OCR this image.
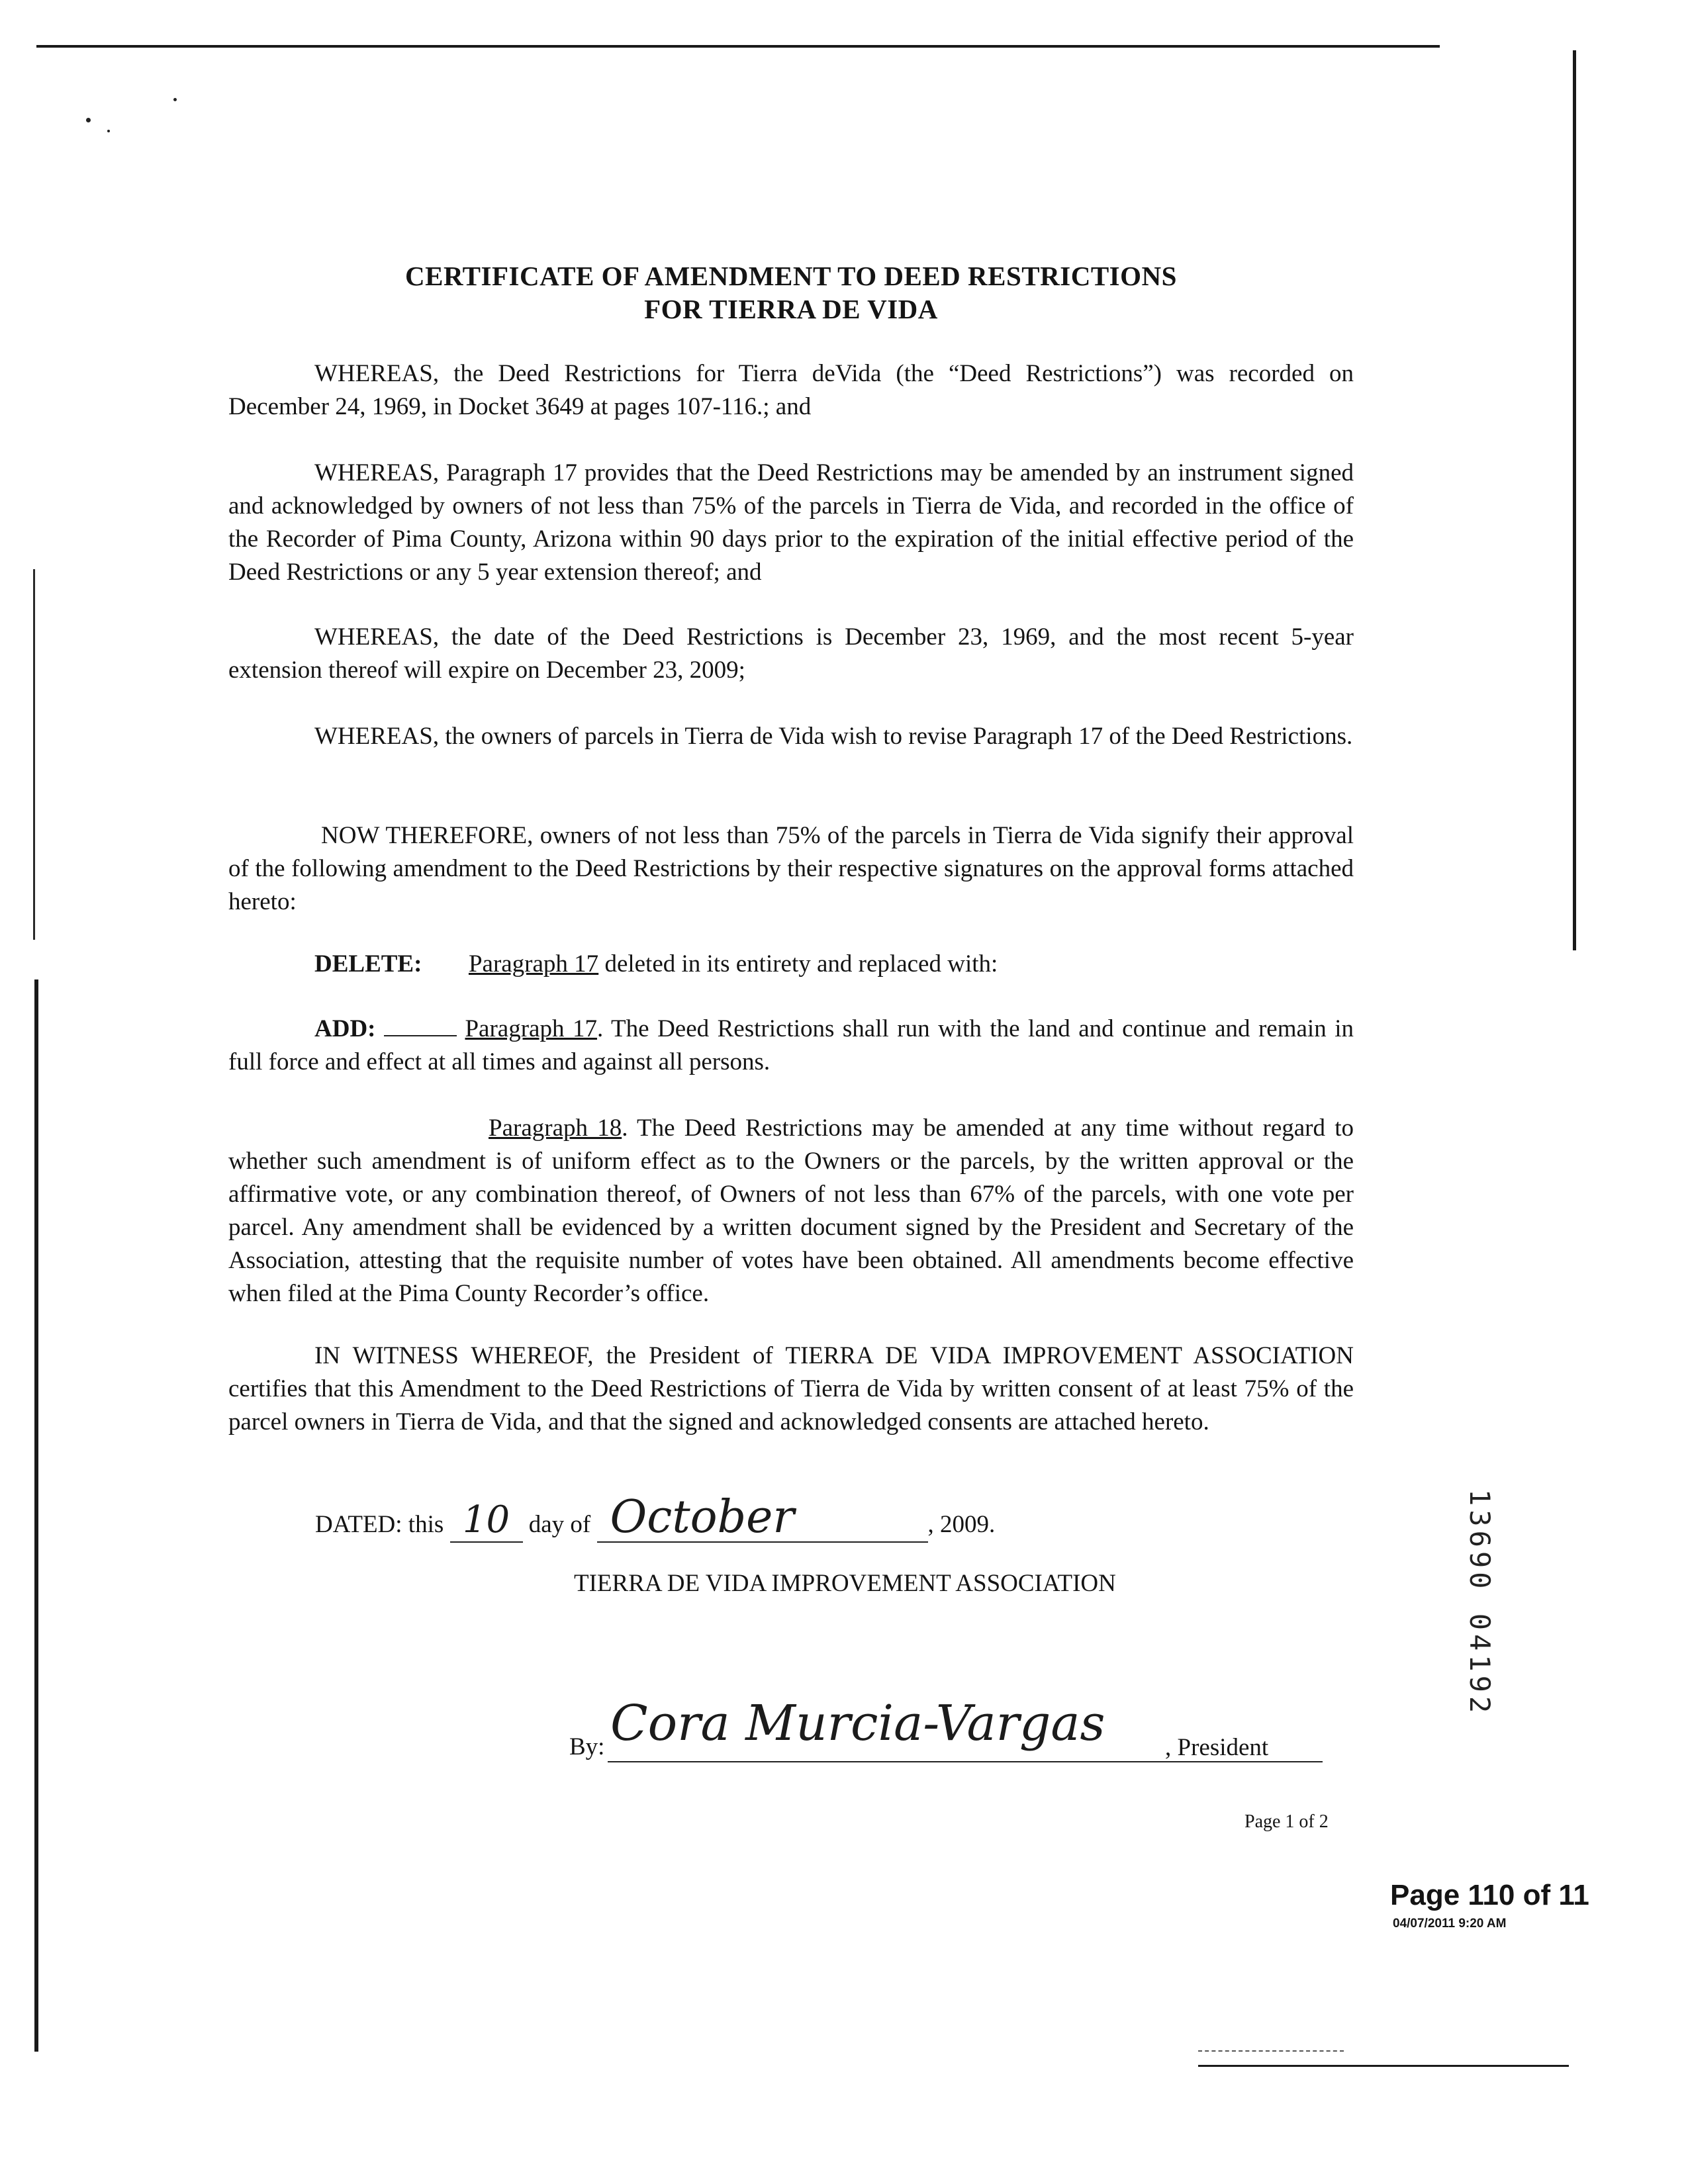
CERTIFICATE OF AMENDMENT TO DEED RESTRICTIONS
FOR TIERRA DE VIDA
WHEREAS, the Deed Restrictions for Tierra deVida (the “Deed Restrictions”) was recorded on December 24, 1969, in Docket 3649 at pages 107-116.; and
WHEREAS, Paragraph 17 provides that the Deed Restrictions may be amended by an instrument signed and acknowledged by owners of not less than 75% of the parcels in Tierra de Vida, and recorded in the office of the Recorder of Pima County, Arizona within 90 days prior to the expiration of the initial effective period of the Deed Restrictions or any 5 year extension thereof; and
WHEREAS, the date of the Deed Restrictions is December 23, 1969, and the most recent 5-year extension thereof will expire on December 23, 2009;
WHEREAS, the owners of parcels in Tierra de Vida wish to revise Paragraph 17 of the Deed Restrictions.
NOW THEREFORE, owners of not less than 75% of the parcels in Tierra de Vida signify their approval of the following amendment to the Deed Restrictions by their respective signatures on the approval forms attached hereto:
DELETE: Paragraph 17 deleted in its entirety and replaced with:
ADD:	Paragraph 17. The Deed Restrictions shall run with the land and continue and remain in full force and effect at all times and against all persons.
Paragraph 18. The Deed Restrictions may be amended at any time without regard to whether such amendment is of uniform effect as to the Owners or the parcels, by the written approval or the affirmative vote, or any combination thereof, of Owners of not less than 67% of the parcels, with one vote per parcel. Any amendment shall be evidenced by a written document signed by the President and Secretary of the Association, attesting that the requisite number of votes have been obtained. All amendments become effective when filed at the Pima County Recorder’s office.
IN WITNESS WHEREOF, the President of TIERRA DE VIDA IMPROVEMENT ASSOCIATION certifies that this Amendment to the Deed Restrictions of Tierra de Vida by written consent of at least 75% of the parcel owners in Tierra de Vida, and that the signed and acknowledged consents are attached hereto.
DATED: this 10 day of October	, 2009.
TIERRA DE VIDA IMPROVEMENT ASSOCIATION
By: Cora Murcia-Vargas , President
Page 1 of 2
Page 110 of 11
04/07/2011 9:20 AM
13690 04192
